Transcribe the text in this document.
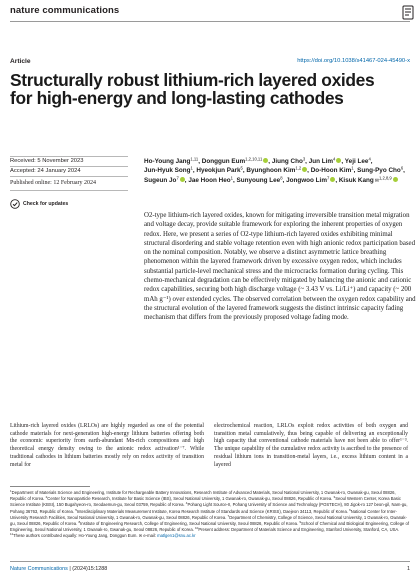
nature communications
Article	https://doi.org/10.1038/s41467-024-45490-x
Structurally robust lithium-rich layered oxides for high-energy and long-lasting cathodes
Received: 5 November 2023
Accepted: 24 January 2024
Published online: 12 February 2024
Check for updates
Ho-Young Jang$^{1,11}$, Donggun Eum$^{1,2,10,11}$ , Jiung Cho$^3$, Jun Lim$^4$ , Yeji Lee$^4$, Jun-Hyuk Song$^1$, Hyeokjun Park$^5$, Byunghoon Kim$^{1,2}$ , Do-Hoon Kim$^1$, Sung-Pyo Cho$^6$, Sugeun Jo$^7$ , Jae Hoon Heo$^1$, Sunyoung Lee$^8$, Jongwoo Lim$^7$ , Kisuk Kang✉$^{1,2,8,9}$

O2-type lithium-rich layered oxides, known for mitigating irreversible transition metal migration and voltage decay, provide suitable framework for exploring the inherent properties of oxygen redox. Here, we present a series of O2-type lithium-rich layered oxides exhibiting minimal structural disordering and stable voltage retention even with high anionic redox participation based on the nominal composition. Notably, we observe a distinct asymmetric lattice breathing phenomenon within the layered framework driven by excessive oxygen redox, which includes substantial particle-level mechanical stress and the microcracks formation during cycling. This chemo-mechanical degradation can be effectively mitigated by balancing the anionic and cationic redox capabilities, securing both high discharge voltage (~ 3.43 V vs. Li/Li⁺) and capacity (~ 200 mAh g⁻¹) over extended cycles. The observed correlation between the oxygen redox capability and the structural evolution of the layered framework suggests the distinct intrinsic capacity fading mechanism that differs from the previously proposed voltage fading mode.

Lithium-rich layered oxides (LRLOs) are highly regarded as one of the potential cathode materials for next-generation high-energy lithium batteries offering both the economic superiority from earth-abundant Mn-rich compositions and high theoretical energy density owing to the anionic redox activation¹⁻⁷. While traditional cathodes in lithium batteries mostly rely on redox activity of transition metal for

electrochemical reaction, LRLOs exploit redox activities of both oxygen and transition metal cumulatively, thus being capable of delivering an exceptionally high capacity that conventional cathode materials have not been able to offer¹⁻³. The unique capability of the cumulative redox activity is ascribed to the presence of residual lithium ions in transition-metal layers, i.e., excess lithium content in a layered

$^1$Department of Materials Science and Engineering, Institute for Rechargeable Battery Innovations, Research Institute of Advanced Materials, Seoul National University, 1 Gwanak-ro, Gwanak-gu, Seoul 08826, Republic of Korea. $^2$Center for Nanoparticle Research, Institute for Basic Science (IBS), Seoul National University, 1 Gwanak-ro, Gwanak-gu, Seoul 08826, Republic of Korea. $^3$Seoul Western Center, Korea Basic Science Institute (KBSI), 150 Bugahyeon-ro, Seodaemun-gu, Seoul 03759, Republic of Korea. $^4$Pohang Light Source-II, Pohang University of Science and Technology (POSTECH), 80 Jigok-ro 127 beon-gil, Nam-gu, Pohang 36763, Republic of Korea. $^5$Interdisciplinary Materials Measurement Institute, Korea Research Institute of Standards and Science (KRISS), Daejeon 34113, Republic of Korea. $^6$National Center for Inter-University Research Facilities, Seoul National University, 1 Gwanak-ro, Gwanak-gu, Seoul 08826, Republic of Korea. $^7$Department of Chemistry, College of Science, Seoul National University, 1 Gwanak-ro, Gwanak-gu, Seoul 08826, Republic of Korea. $^8$Institute of Engineering Research, College of Engineering, Seoul National University, Seoul 08826, Republic of Korea. $^9$School of Chemical and Biological Engineering, College of Engineering, Seoul National University, 1 Gwanak-ro, Gwanak-gu, Seoul 08826, Republic of Korea. $^{10}$Present address: Department of Materials Science and Engineering, Stanford University, Stanford, CA, USA. $^{11}$These authors contributed equally: Ho-Young Jang, Donggun Eum. ✉ e-mail: matlgen1@snu.ac.kr

Nature Communications | (2024)15:1288	1
